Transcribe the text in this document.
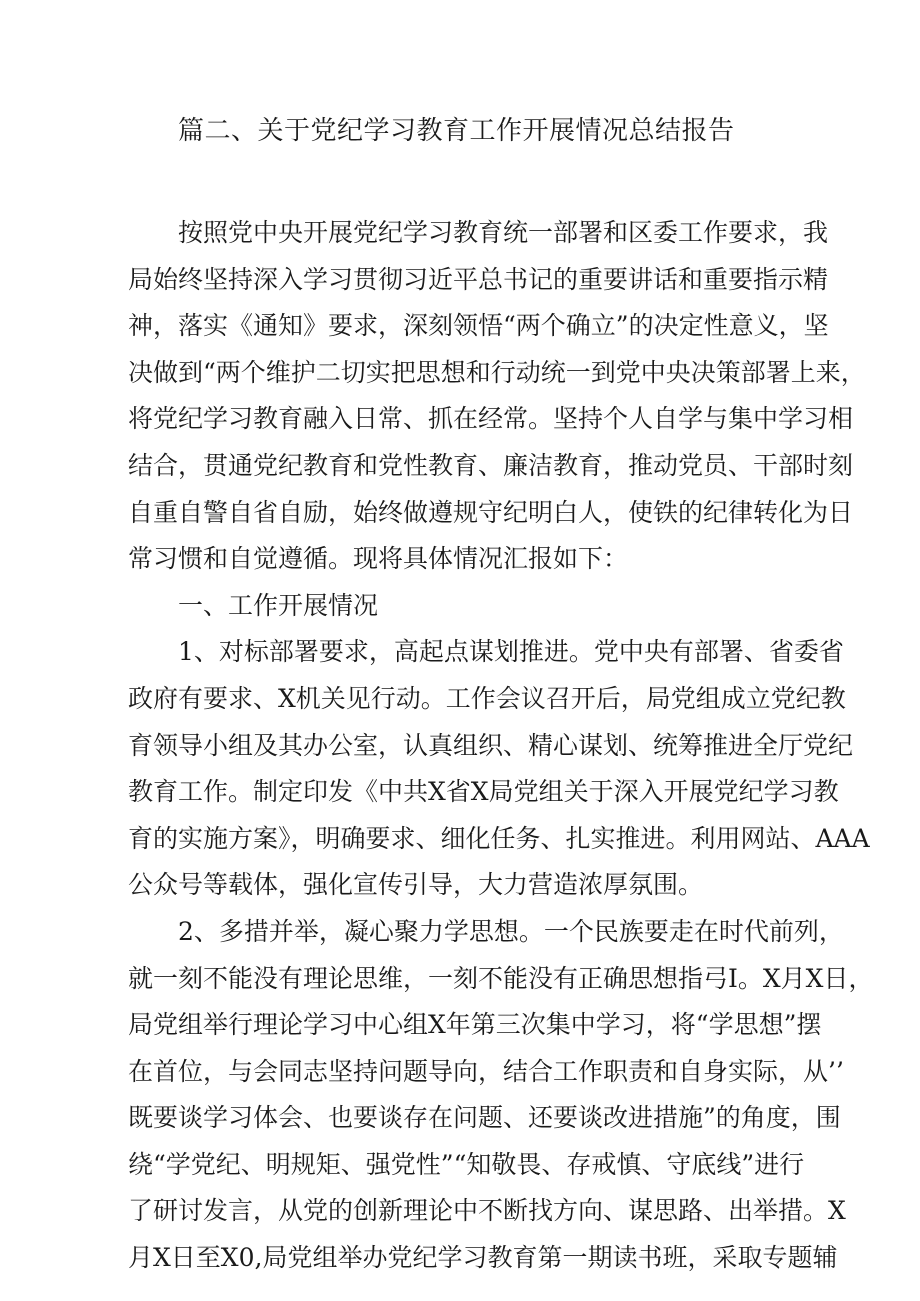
篇二、关于党纪学习教育工作开展情况总结报告
按照党中央开展党纪学习教育统一部署和区委工作要求，我
局始终坚持深入学习贯彻习近平总书记的重要讲话和重要指示精
神，落实《通知》要求，深刻领悟“两个确立”的决定性意义，坚
决做到“两个维护二切实把思想和行动统一到党中央决策部署上来，
将党纪学习教育融入日常、抓在经常。坚持个人自学与集中学习相
结合，贯通党纪教育和党性教育、廉洁教育，推动党员、干部时刻
自重自警自省自励，始终做遵规守纪明白人，使铁的纪律转化为日
常习惯和自觉遵循。现将具体情况汇报如下：
一、工作开展情况
1、对标部署要求，高起点谋划推进。党中央有部署、省委省
政府有要求、X机关见行动。工作会议召开后，局党组成立党纪教
育领导小组及其办公室，认真组织、精心谋划、统筹推进全厅党纪
教育工作。制定印发《中共X省X局党组关于深入开展党纪学习教
育的实施方案》，明确要求、细化任务、扎实推进。利用网站、AAA
公众号等载体，强化宣传引导，大力营造浓厚氛围。
2、多措并举，凝心聚力学思想。一个民族要走在时代前列，
就一刻不能没有理论思维，一刻不能没有正确思想指弓I。X月X日，
局党组举行理论学习中心组X年第三次集中学习，将“学思想”摆
在首位，与会同志坚持问题导向，结合工作职责和自身实际，从’’
既要谈学习体会、也要谈存在问题、还要谈改进措施”的角度，围
绕“学党纪、明规矩、强党性”“知敬畏、存戒慎、守底线”进行
了研讨发言，从党的创新理论中不断找方向、谋思路、出举措。X
月X日至X0,局党组举办党纪学习教育第一期读书班，采取专题辅
